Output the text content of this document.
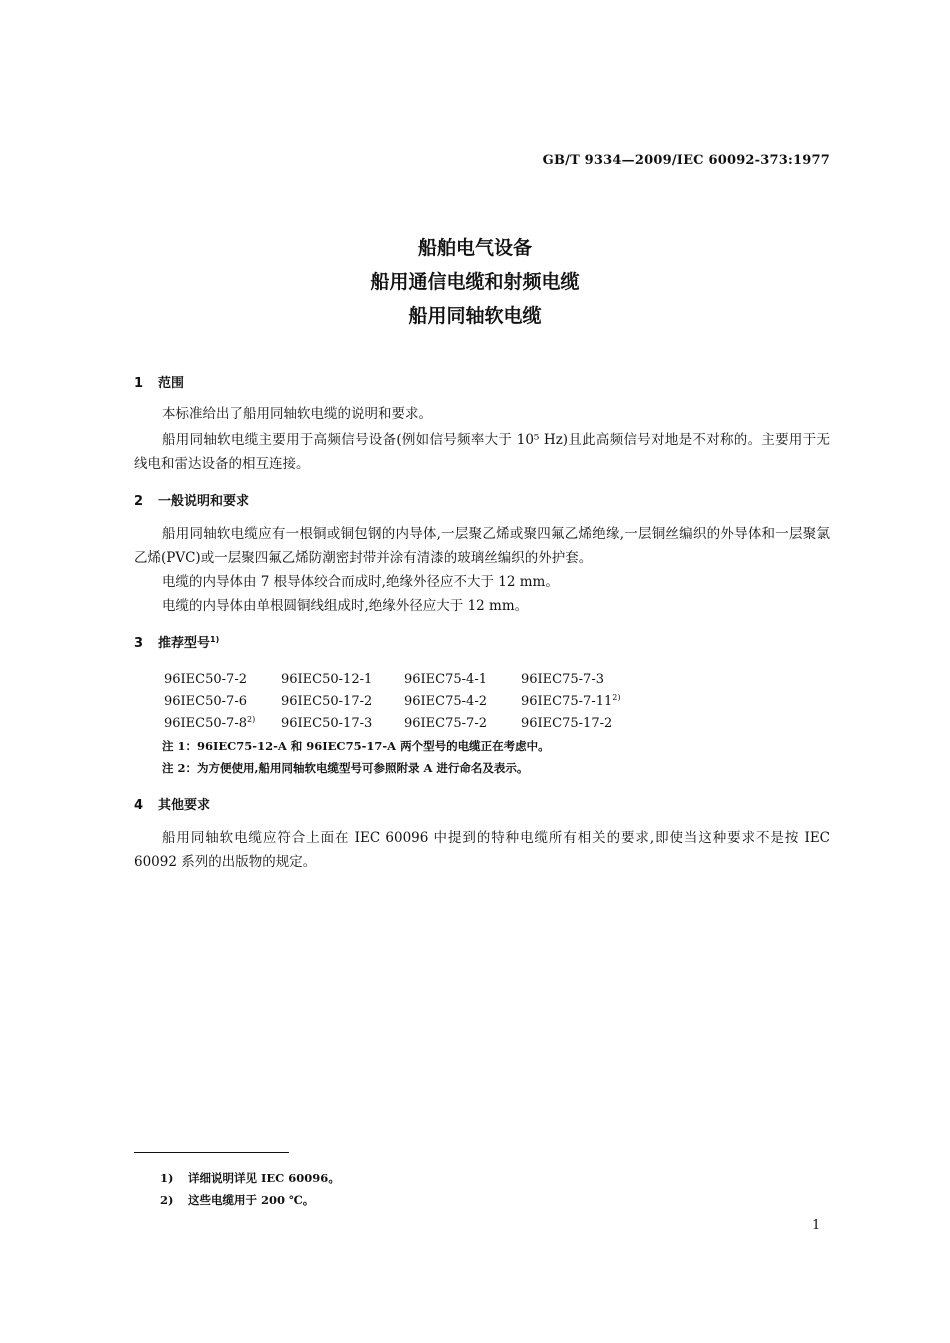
GB/T 9334—2009/IEC 60092-373:1977
船舶电气设备
船用通信电缆和射频电缆
船用同轴软电缆
1 范围

本标准给出了船用同轴软电缆的说明和要求。

船用同轴软电缆主要用于高频信号设备(例如信号频率大于 10⁵ Hz)且此高频信号对地是不对称的。主要用于无线电和雷达设备的相互连接。

2 一般说明和要求

船用同轴软电缆应有一根铜或铜包钢的内导体,一层聚乙烯或聚四氟乙烯绝缘,一层铜丝编织的外导体和一层聚氯乙烯(PVC)或一层聚四氟乙烯防潮密封带并涂有清漆的玻璃丝编织的外护套。

电缆的内导体由 7 根导体绞合而成时,绝缘外径应不大于 12 mm。

电缆的内导体由单根圆铜线组成时,绝缘外径应大于 12 mm。

3 推荐型号$^{1)}$
96IEC50-7-2	96IEC50-12-1	96IEC75-4-1	96IEC75-7-3
96IEC50-7-6	96IEC50-17-2	96IEC75-4-2	96IEC75-7-11$^{2)}$
96IEC50-7-8$^{2)}$	96IEC50-17-3	96IEC75-7-2	96IEC75-17-2
注 1：96IEC75-12-A 和 96IEC75-17-A 两个型号的电缆正在考虑中。
注 2：为方便使用,船用同轴软电缆型号可参照附录 A 进行命名及表示。
4 其他要求

船用同轴软电缆应符合上面在 IEC 60096 中提到的特种电缆所有相关的要求,即使当这种要求不是按 IEC 60092 系列的出版物的规定。

1) 详细说明详见 IEC 60096。
2) 这些电缆用于 200 ℃。
1
